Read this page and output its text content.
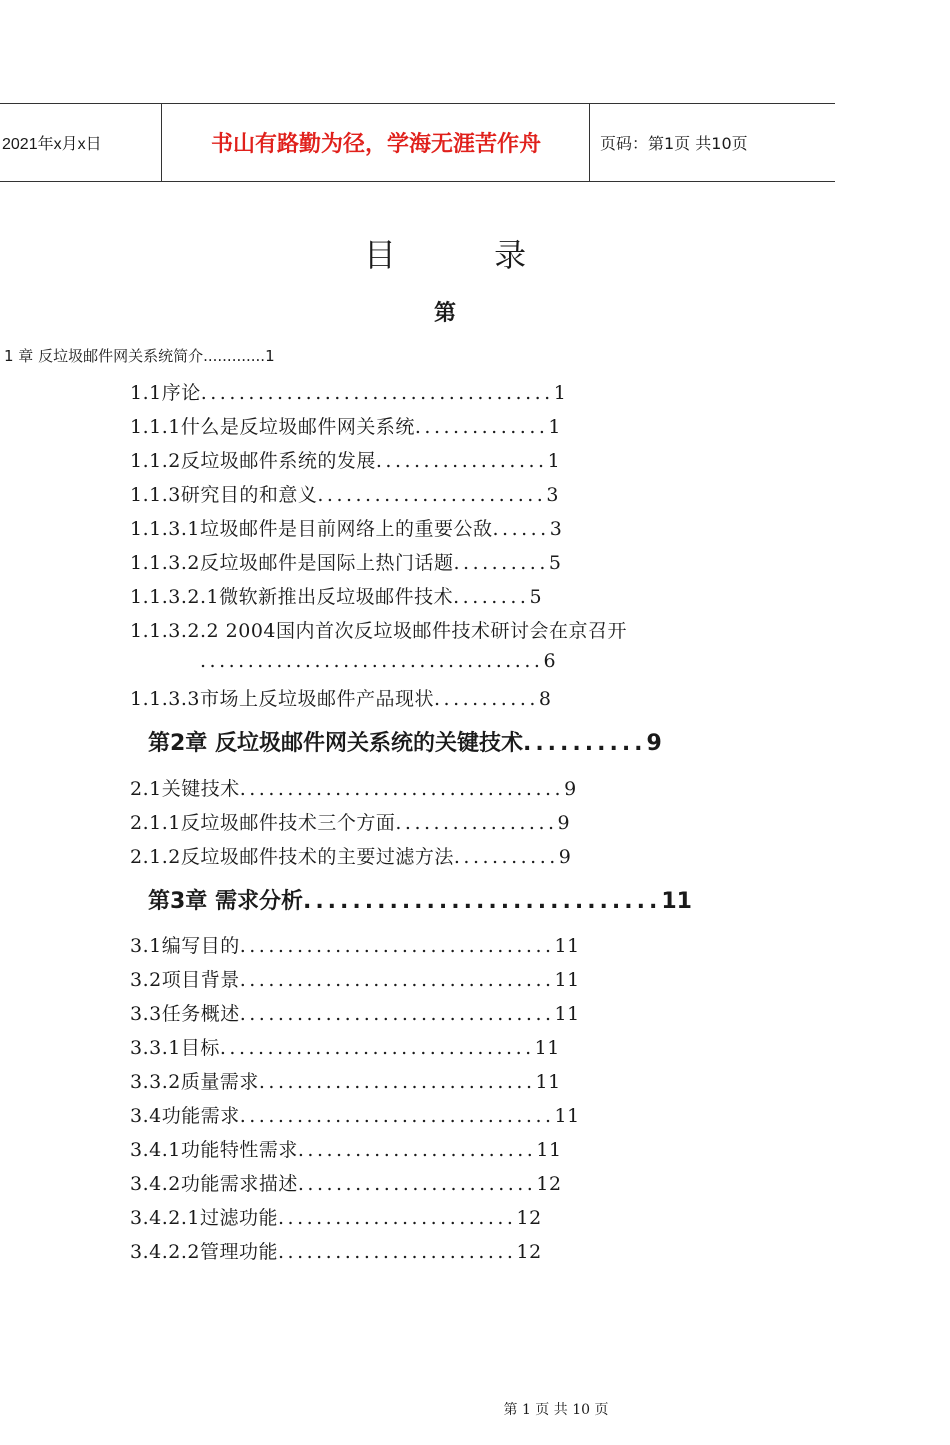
2021年x月x日	书山有路勤为径，学海无涯苦作舟	页码：第1页 共10页
目 录
第
1 章 反垃圾邮件网关系统简介.............1
1.1序论.....................................1
1.1.1什么是反垃圾邮件网关系统..............1
1.1.2反垃圾邮件系统的发展..................1
1.1.3研究目的和意义........................3
1.1.3.1垃圾邮件是目前网络上的重要公敌......3
1.1.3.2反垃圾邮件是国际上热门话题..........5
1.1.3.2.1微软新推出反垃圾邮件技术........5
1.1.3.2.2 2004国内首次反垃圾邮件技术研讨会在京召开
....................................6
1.1.3.3市场上反垃圾邮件产品现状...........8
第2章 反垃圾邮件网关系统的关键技术..........9
2.1关键技术..................................9
2.1.1反垃圾邮件技术三个方面.................9
2.1.2反垃圾邮件技术的主要过滤方法...........9
第3章 需求分析.............................11
3.1编写目的.................................11
3.2项目背景.................................11
3.3任务概述.................................11
3.3.1目标.................................11
3.3.2质量需求.............................11
3.4功能需求.................................11
3.4.1功能特性需求.........................11
3.4.2功能需求描述.........................12
3.4.2.1过滤功能.........................12
3.4.2.2管理功能.........................12
第 1 页 共 10 页
